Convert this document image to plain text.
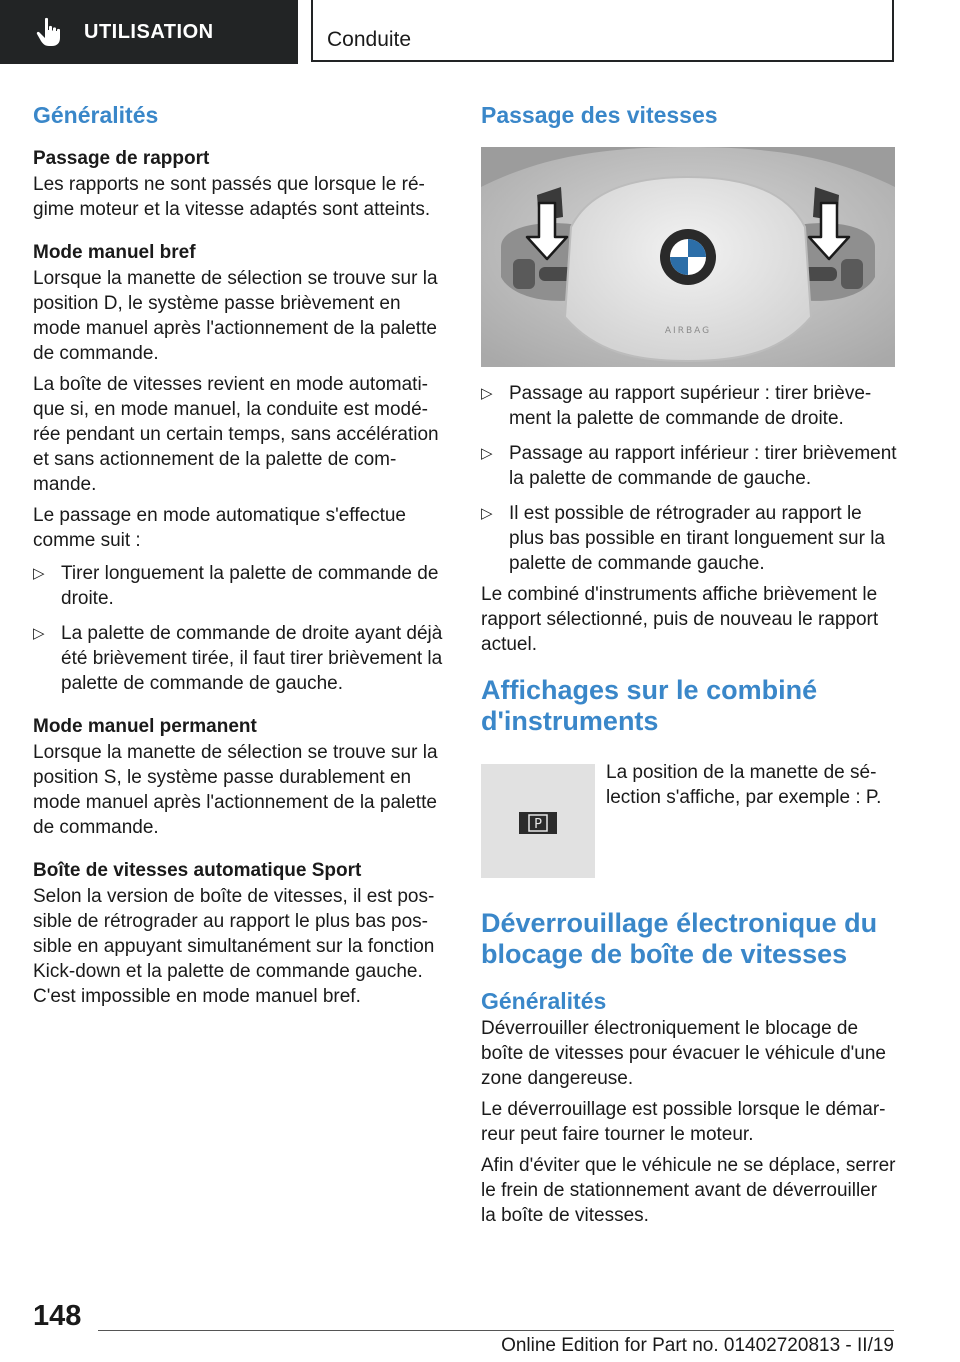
UTILISATION	Conduite
Généralités
Passage de rapport

Les rapports ne sont passés que lorsque le ré-gime moteur et la vitesse adaptés sont atteints.

Mode manuel bref

Lorsque la manette de sélection se trouve sur la position D, le système passe brièvement en mode manuel après l'actionnement de la palette de commande.

La boîte de vitesses revient en mode automati-que si, en mode manuel, la conduite est modé-rée pendant un certain temps, sans accélération et sans actionnement de la palette de com-mande.

Le passage en mode automatique s'effectue comme suit :

▷ Tirer longuement la palette de commande de droite.
▷ La palette de commande de droite ayant déjà été brièvement tirée, il faut tirer brièvement la palette de commande de gauche.
Mode manuel permanent

Lorsque la manette de sélection se trouve sur la position S, le système passe durablement en mode manuel après l'actionnement de la palette de commande.

Boîte de vitesses automatique Sport

Selon la version de boîte de vitesses, il est pos-sible de rétrograder au rapport le plus bas pos-sible en appuyant simultanément sur la fonction Kick-down et la palette de commande gauche. C'est impossible en mode manuel bref.

Passage des vitesses
AIRBAG
▷ Passage au rapport supérieur : tirer briève-ment la palette de commande de droite.
▷ Passage au rapport inférieur : tirer brièvement la palette de commande de gauche.
▷ Il est possible de rétrograder au rapport le plus bas possible en tirant longuement sur la palette de commande gauche.

Le combiné d'instruments affiche brièvement le rapport sélectionné, puis de nouveau le rapport actuel.

Affichages sur le combiné d'instruments
P

La position de la manette de sé-lection s'affiche, par exemple : P.

Déverrouillage électronique du blocage de boîte de vitesses
Généralités

Déverrouiller électroniquement le blocage de boîte de vitesses pour évacuer le véhicule d'une zone dangereuse.

Le déverrouillage est possible lorsque le démar-reur peut faire tourner le moteur.

Afin d'éviter que le véhicule ne se déplace, serrer le frein de stationnement avant de déverrouiller la boîte de vitesses.

148
Online Edition for Part no. 01402720813 - II/19
